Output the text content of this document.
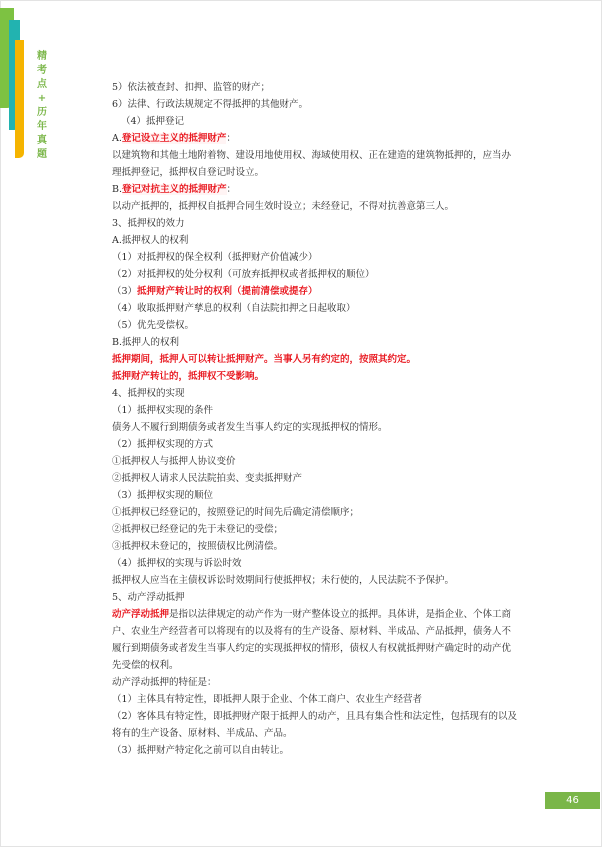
精
考
点
+
历
年
真
题

5）依法被查封、扣押、监管的财产；

6）法律、行政法规规定不得抵押的其他财产。

（4）抵押登记

A.登记设立主义的抵押财产：

以建筑物和其他土地附着物、建设用地使用权、海域使用权、正在建造的建筑物抵押的，应当办理抵押登记，抵押权自登记时设立。

B.登记对抗主义的抵押财产：

以动产抵押的，抵押权自抵押合同生效时设立；未经登记，不得对抗善意第三人。

3、抵押权的效力

A.抵押权人的权利

（1）对抵押权的保全权利（抵押财产价值减少）

（2）对抵押权的处分权利（可放弃抵押权或者抵押权的顺位）

（3）抵押财产转让时的权利（提前清偿或提存）

（4）收取抵押财产孳息的权利（自法院扣押之日起收取）

（5）优先受偿权。

B.抵押人的权利

抵押期间，抵押人可以转让抵押财产。当事人另有约定的，按照其约定。

抵押财产转让的，抵押权不受影响。

4、抵押权的实现

（1）抵押权实现的条件

债务人不履行到期债务或者发生当事人约定的实现抵押权的情形。

（2）抵押权实现的方式

①抵押权人与抵押人协议变价

②抵押权人请求人民法院拍卖、变卖抵押财产

（3）抵押权实现的顺位

①抵押权已经登记的，按照登记的时间先后确定清偿顺序；

②抵押权已经登记的先于未登记的受偿；

③抵押权未登记的，按照债权比例清偿。

（4）抵押权的实现与诉讼时效

抵押权人应当在主债权诉讼时效期间行使抵押权；未行使的，人民法院不予保护。

5、动产浮动抵押

动产浮动抵押是指以法律规定的动产作为一财产整体设立的抵押。具体讲，是指企业、个体工商户、农业生产经营者可以将现有的以及将有的生产设备、原材料、半成品、产品抵押，债务人不履行到期债务或者发生当事人约定的实现抵押权的情形，债权人有权就抵押财产确定时的动产优先受偿的权利。

动产浮动抵押的特征是：

（1）主体具有特定性，即抵押人限于企业、个体工商户、农业生产经营者

（2）客体具有特定性，即抵押财产限于抵押人的动产，且具有集合性和法定性，包括现有的以及将有的生产设备、原材料、半成品、产品。

（3）抵押财产特定化之前可以自由转让。

46
